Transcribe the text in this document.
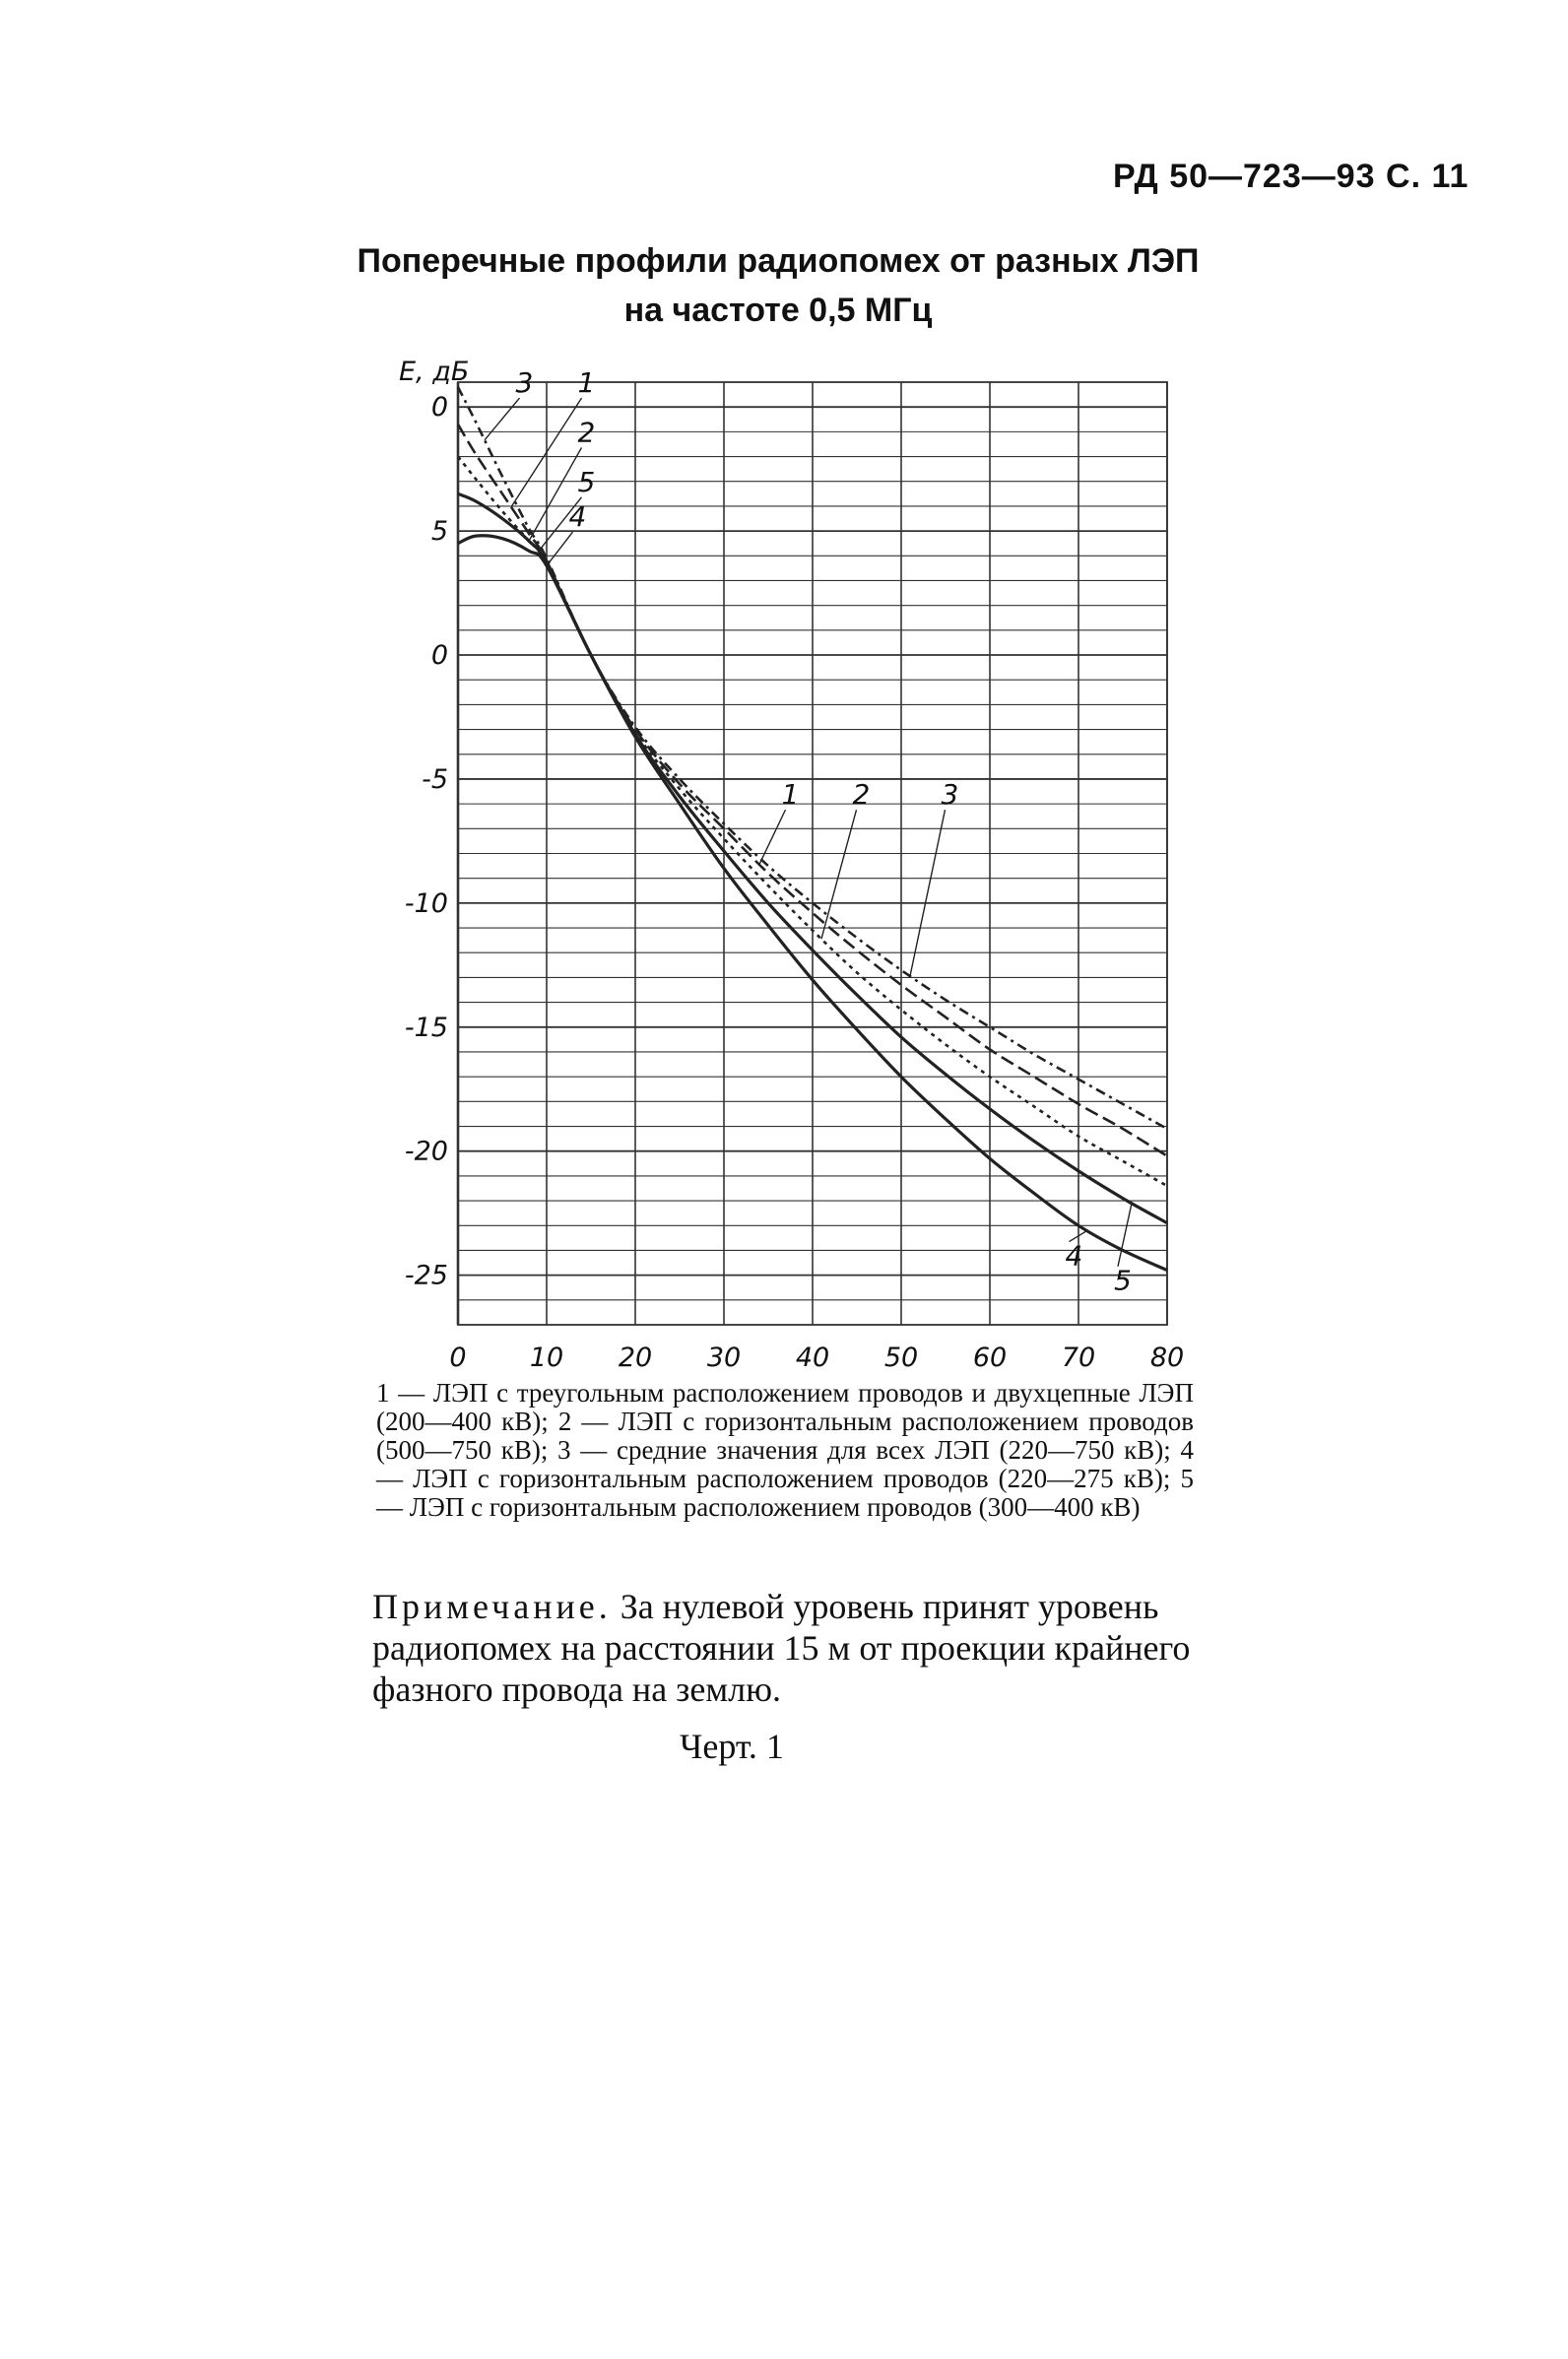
РД 50—723—93 С. 11
Поперечные профили радиопомех от разных ЛЭП
на частоте 0,5 МГц
0
5
0
-5
-10
-15
-20
-25
0 10 20 30 40 50 60 70 80
E, дБ 3 1
2
5
4
1 2	3
4
5
1 — ЛЭП с треугольным расположением проводов и двухцепные ЛЭП (200—400 кВ); 2 — ЛЭП с горизонтальным расположением проводов (500—750 кВ); 3 — средние значения для всех ЛЭП (220—750 кВ); 4 — ЛЭП с горизонтальным расположением проводов (220—275 кВ); 5 — ЛЭП с горизонтальным расположением проводов (300—400 кВ)
Примечание. За нулевой уровень принят уровень радиопомех на расстоянии 15 м от проекции крайнего фазного провода на землю.
Черт. 1
